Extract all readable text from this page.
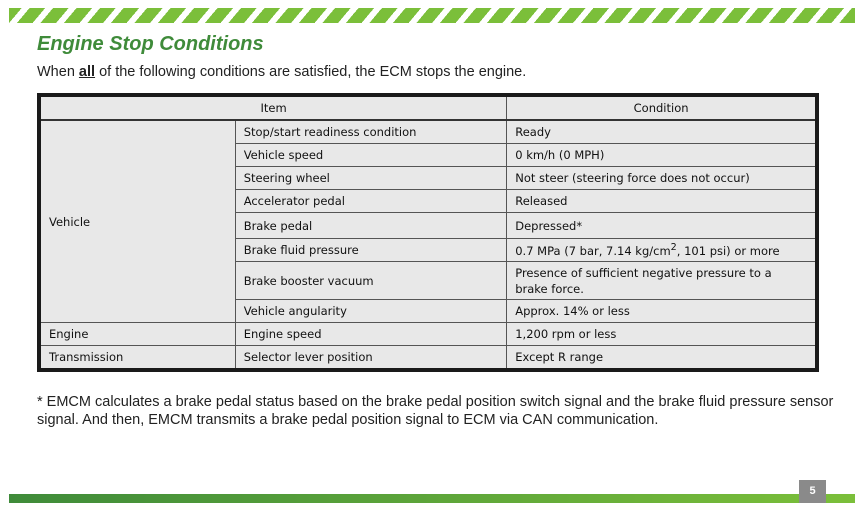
Engine Stop Conditions
When all of the following conditions are satisfied, the ECM stops the engine.
Item		Condition
Vehicle	Stop/start readiness condition	Ready
	Vehicle speed	0 km/h (0 MPH)
	Steering wheel	Not steer (steering force does not occur)
	Accelerator pedal	Released
	Brake pedal	Depressed*
	Brake fluid pressure	0.7 MPa (7 bar, 7.14 $kg/cm^2$, 101 psi) or more
	Brake booster vacuum	Presence of sufficient negative pressure to a brake force.
	Vehicle angularity	Approx. 14% or less
Engine	Engine speed	1,200 rpm or less
Transmission	Selector lever position	Except R range
* EMCM calculates a brake pedal status based on the brake pedal position switch signal and the brake fluid pressure sensor signal. And then, EMCM transmits a brake pedal position signal to ECM via CAN communication.
5
